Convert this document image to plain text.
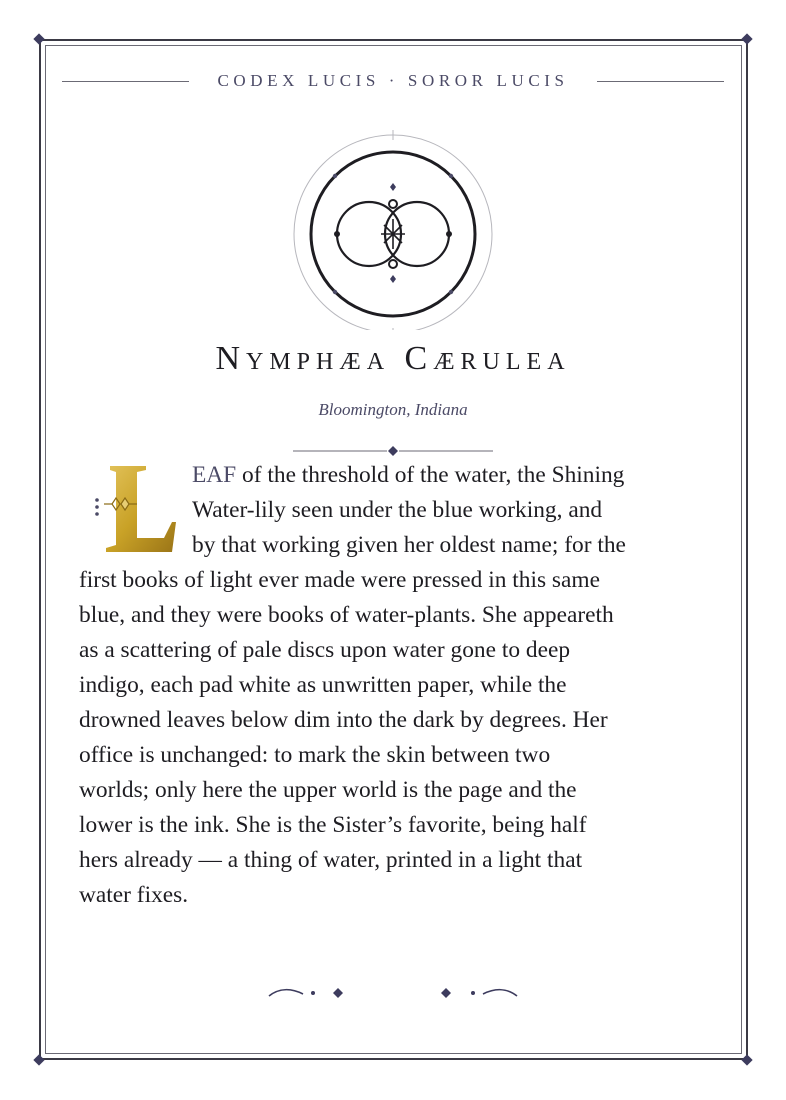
CODEX LUCIS · SOROR LUCIS
Nymphæa Cærulea
Bloomington, Indiana
L
EAF of the threshold of the water, the Shining
Water-lily seen under the blue working, and
by that working given her oldest name; for the
first books of light ever made were pressed in this same
blue, and they were books of water-plants. She appeareth
as a scattering of pale discs upon water gone to deep
indigo, each pad white as unwritten paper, while the
drowned leaves below dim into the dark by degrees. Her
office is unchanged: to mark the skin between two
worlds; only here the upper world is the page and the
lower is the ink. She is the Sister’s favorite, being half
hers already — a thing of water, printed in a light that
water fixes.
